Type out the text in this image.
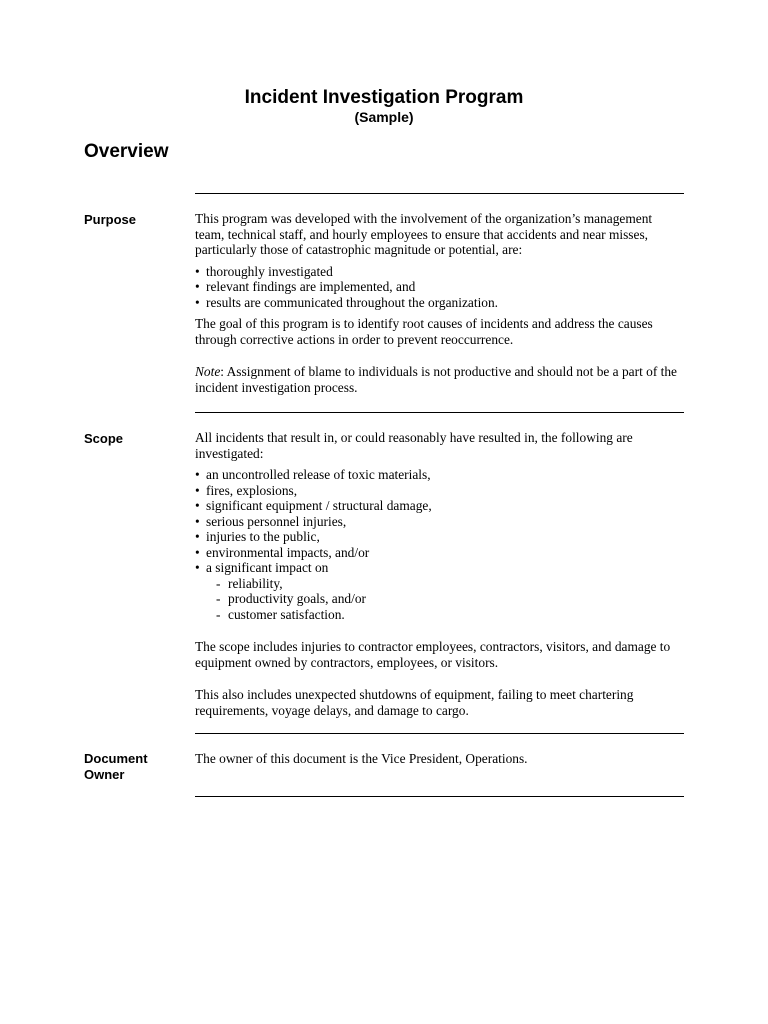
Incident Investigation Program
(Sample)
Overview
Purpose	This program was developed with the involvement of the organization’s management team, technical staff, and hourly employees to ensure that accidents and near misses, particularly those of catastrophic magnitude or potential, are:

• thoroughly investigated
• relevant findings are implemented, and
• results are communicated throughout the organization.

The goal of this program is to identify root causes of incidents and address the causes through corrective actions in order to prevent reoccurrence.

Note: Assignment of blame to individuals is not productive and should not be a part of the incident investigation process.

Scope	All incidents that result in, or could reasonably have resulted in, the following are investigated:

• an uncontrolled release of toxic materials,
• fires, explosions,
• significant equipment / structural damage,
• serious personnel injuries,
• injuries to the public,
• environmental impacts, and/or
• a significant impact on
- reliability,
- productivity goals, and/or
- customer satisfaction.

The scope includes injuries to contractor employees, contractors, visitors, and damage to equipment owned by contractors, employees, or visitors.

This also includes unexpected shutdowns of equipment, failing to meet chartering requirements, voyage delays, and damage to cargo.

Document
Owner

The owner of this document is the Vice President, Operations.
